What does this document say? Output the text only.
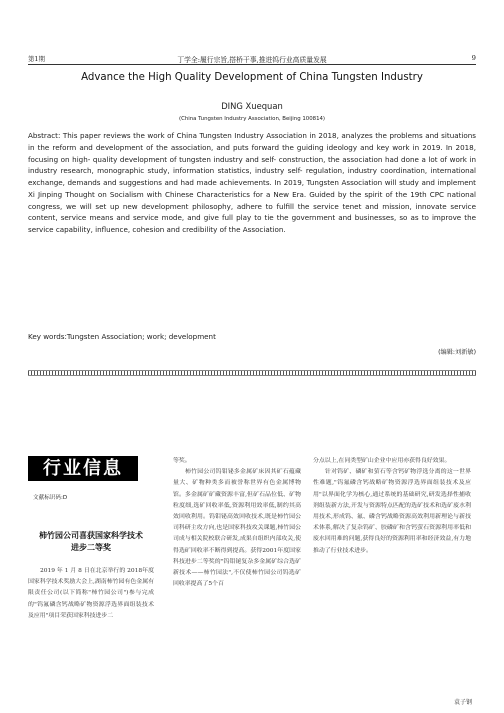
第1期	丁学全:履行宗旨,搭桥干事,推进钨行业高质量发展	9
Advance the High Quality Development of China Tungsten Industry
DING Xuequan
(China Tungsten Industry Association, Beijing 100814)

Abstract: This paper reviews the work of China Tungsten Industry Association in 2018, analyzes the problems and situations in the reform and development of the association, and puts forward the guiding ideology and key work in 2019. In 2018, focusing on high- quality development of tungsten industry and self- construction, the association had done a lot of work in industry research, monographic study, information statistics, industry self- regulation, industry coordination, international exchange, demands and suggestions and had made achievements. In 2019, Tungsten Association will study and implement Xi Jinping Thought on Socialism with Chinese Characteristics for a New Era. Guided by the spirit of the 19th CPC national congress, we will set up new development philosophy, adhere to fulfill the service tenet and mission, innovate service content, service means and service mode, and give full play to tie the government and businesses, so as to improve the service capability, influence, cohesion and credibility of the Association.

Key words:Tungsten Association; work; development
(编辑:刘新敏)
行业信息
文献标识码:D
柿竹园公司喜获国家科学技术
进步二等奖

2019 年 1 月 8 日在北京举行的 2018年度国家科学技术奖励大会上,湖南柿竹园有色金属有限责任公司(以下简称"柿竹园公司")参与完成的"钨氟磷含钙战略矿物资源浮选界面组装技术及应用"项目荣获国家科技进步二

等奖。

柿竹园公司钨钼铋多金属矿床因其矿石蕴藏量大、矿物种类多而被誉称世界有色金属博物馆。多金属矿矿藏资源丰富,但矿石品位低、矿物粒度细,选矿回收率低,资源利用效率低,制约其高效回收利用。钨钼铋高效回收技术,既是柿竹园公司科研主攻方向,也是国家科技攻关课题,柿竹园公司成与相关院校联合研发,成果自组织内部攻关,使得选矿回收率不断得到提高。获得2001年度国家科技进步二等奖的"钨钼铋复杂多金属矿综合选矿新技术——柿竹园法",不仅使柿竹园公司钨选矿回收率提高了5个百

分点以上,在同类型矿山企业中应用亦获得良好效果。

针对钨矿、磷矿和萤石等含钙矿物浮选分离的这一世界性难题,"钨氟磷含钙战略矿物资源浮选界面组装技术及应用"以界面化学为核心,通过系统的基础研究,研发选择性捕收剂组装新方法,开发与资源特点匹配的选矿技术和选矿废水利用技术,形成钨、氟、磷含钙战略资源高效利用新理论与新技术体系,解决了复杂钨矿、胶磷矿和含钙萤石资源利用率低和废水回用难的问题,获得良好的资源利用率和经济效益,有力地推动了行业技术进步。

袁子钢
